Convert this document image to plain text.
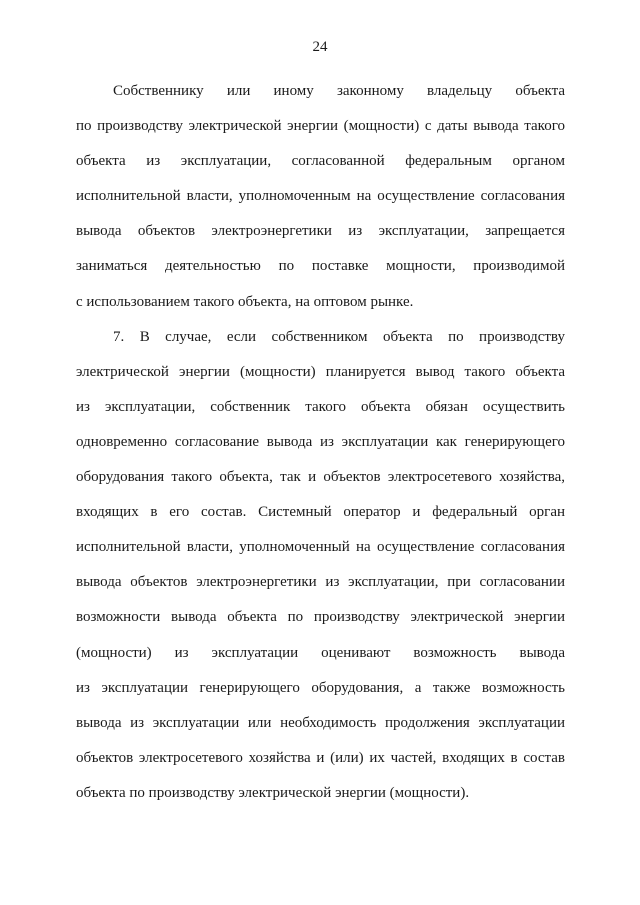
24
Собственнику или иному законному владельцу объекта
по производству электрической энергии (мощности) с даты вывода такого
объекта из эксплуатации, согласованной федеральным органом
исполнительной власти, уполномоченным на осуществление согласования
вывода объектов электроэнергетики из эксплуатации, запрещается
заниматься деятельностью по поставке мощности, производимой
с использованием такого объекта, на оптовом рынке.
7. В случае, если собственником объекта по производству
электрической энергии (мощности) планируется вывод такого объекта
из эксплуатации, собственник такого объекта обязан осуществить
одновременно согласование вывода из эксплуатации как генерирующего
оборудования такого объекта, так и объектов электросетевого хозяйства,
входящих в его состав. Системный оператор и федеральный орган
исполнительной власти, уполномоченный на осуществление согласования
вывода объектов электроэнергетики из эксплуатации, при согласовании
возможности вывода объекта по производству электрической энергии
(мощности) из эксплуатации оценивают возможность вывода
из эксплуатации генерирующего оборудования, а также возможность
вывода из эксплуатации или необходимость продолжения эксплуатации
объектов электросетевого хозяйства и (или) их частей, входящих в состав
объекта по производству электрической энергии (мощности).
